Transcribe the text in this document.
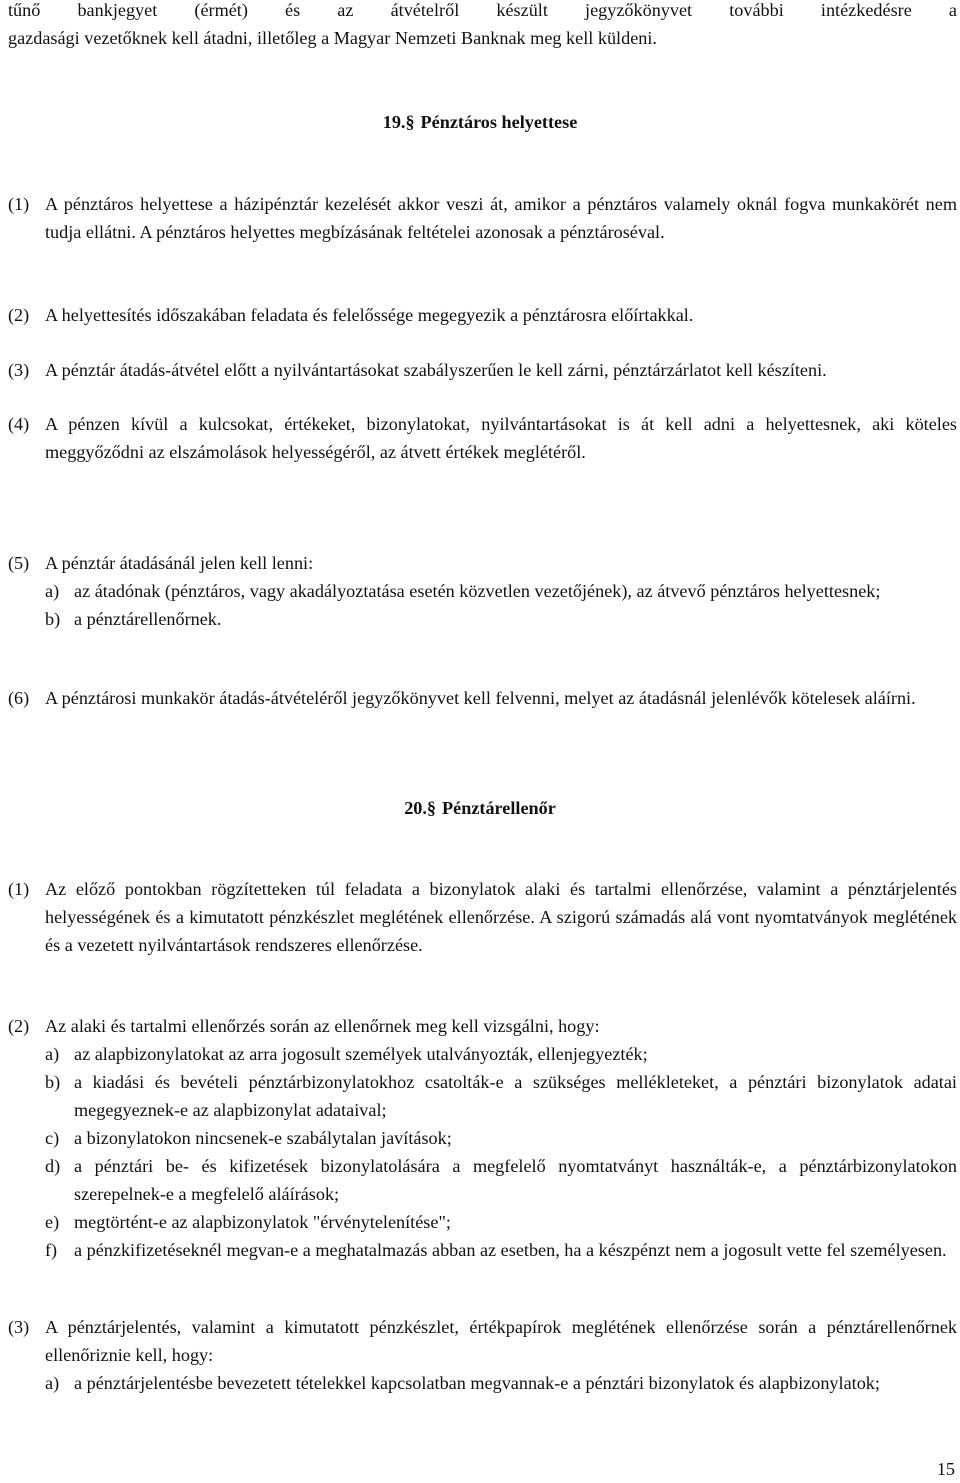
tűnő bankjegyet (érmét) és az átvételről készült jegyzőkönyvet további intézkedésre a
gazdasági vezetőknek kell átadni, illetőleg a Magyar Nemzeti Banknak meg kell küldeni.
19.§ Pénztáros helyettese
(1) A pénztáros helyettese a házipénztár kezelését akkor veszi át, amikor a pénztáros valamely oknál fogva munkakörét nem tudja ellátni. A pénztáros helyettes megbízásának feltételei azonosak a pénztároséval.
(2) A helyettesítés időszakában feladata és felelőssége megegyezik a pénztárosra előírtakkal.
(3) A pénztár átadás-átvétel előtt a nyilvántartásokat szabályszerűen le kell zárni, pénztárzárlatot kell készíteni.
(4) A pénzen kívül a kulcsokat, értékeket, bizonylatokat, nyilvántartásokat is át kell adni a helyettesnek, aki köteles meggyőződni az elszámolások helyességéről, az átvett értékek meglétéről.
(5) A pénztár átadásánál jelen kell lenni:
a) az átadónak (pénztáros, vagy akadályoztatása esetén közvetlen vezetőjének), az átvevő pénztáros helyettesnek;
b) a pénztárellenőrnek.
(6) A pénztárosi munkakör átadás-átvételéről jegyzőkönyvet kell felvenni, melyet az átadásnál jelenlévők kötelesek aláírni.
20.§ Pénztárellenőr
(1) Az előző pontokban rögzítetteken túl feladata a bizonylatok alaki és tartalmi ellenőrzése, valamint a pénztárjelentés helyességének és a kimutatott pénzkészlet meglétének ellenőrzése. A szigorú számadás alá vont nyomtatványok meglétének és a vezetett nyilvántartások rendszeres ellenőrzése.
(2) Az alaki és tartalmi ellenőrzés során az ellenőrnek meg kell vizsgálni, hogy:
a) az alapbizonylatokat az arra jogosult személyek utalványozták, ellenjegyezték;
b) a kiadási és bevételi pénztárbizonylatokhoz csatolták-e a szükséges mellékleteket, a pénztári bizonylatok adatai megegyeznek-e az alapbizonylat adataival;
c) a bizonylatokon nincsenek-e szabálytalan javítások;
d) a pénztári be- és kifizetések bizonylatolására a megfelelő nyomtatványt használták-e, a pénztárbizonylatokon szerepelnek-e a megfelelő aláírások;
e) megtörtént-e az alapbizonylatok "érvénytelenítése";
f) a pénzkifizetéseknél megvan-e a meghatalmazás abban az esetben, ha a készpénzt nem a jogosult vette fel személyesen.
(3) A pénztárjelentés, valamint a kimutatott pénzkészlet, értékpapírok meglétének ellenőrzése során a pénztárellenőrnek ellenőriznie kell, hogy:
a) a pénztárjelentésbe bevezetett tételekkel kapcsolatban megvannak-e a pénztári bizonylatok és alapbizonylatok;
15
